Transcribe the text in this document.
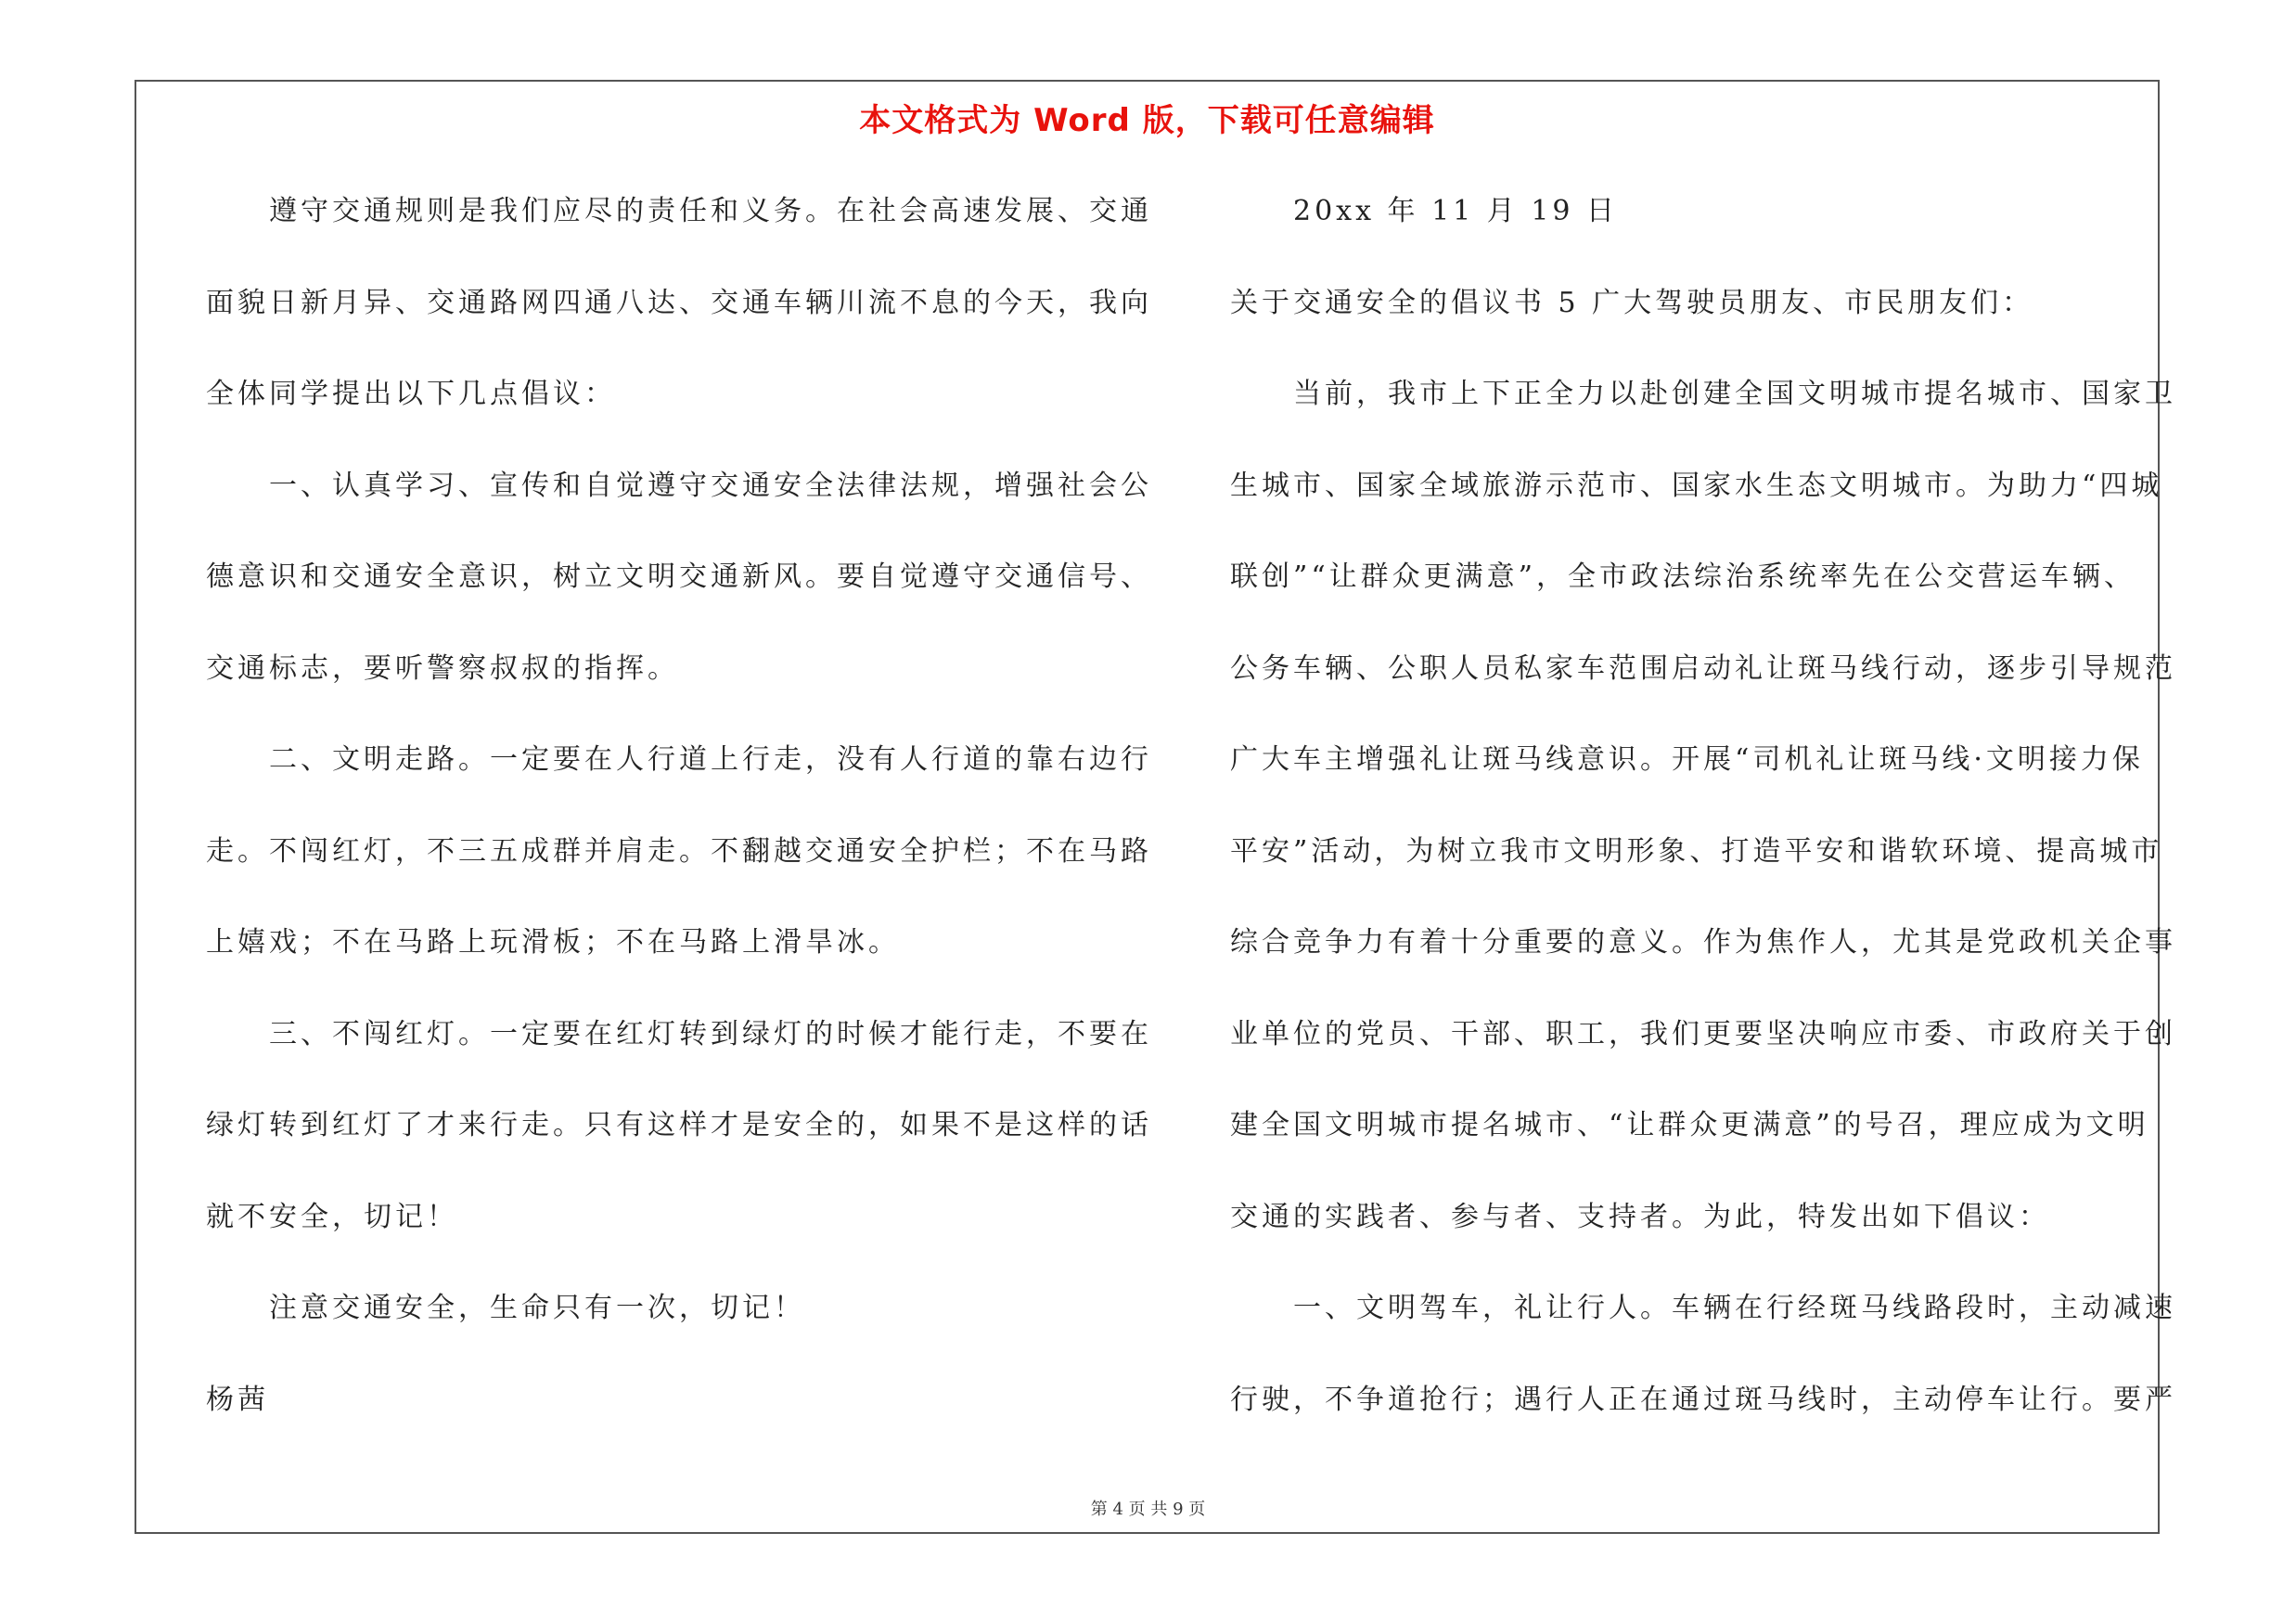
本文格式为 Word 版，下载可任意编辑
遵守交通规则是我们应尽的责任和义务。在社会高速发展、交通
面貌日新月异、交通路网四通八达、交通车辆川流不息的今天，我向
全体同学提出以下几点倡议：
一、认真学习、宣传和自觉遵守交通安全法律法规，增强社会公
德意识和交通安全意识，树立文明交通新风。要自觉遵守交通信号、
交通标志，要听警察叔叔的指挥。
二、文明走路。一定要在人行道上行走，没有人行道的靠右边行
走。不闯红灯，不三五成群并肩走。不翻越交通安全护栏；不在马路
上嬉戏；不在马路上玩滑板；不在马路上滑旱冰。
三、不闯红灯。一定要在红灯转到绿灯的时候才能行走，不要在
绿灯转到红灯了才来行走。只有这样才是安全的，如果不是这样的话
就不安全，切记！
注意交通安全，生命只有一次，切记！
杨茜
20xx 年 11 月 19 日
关于交通安全的倡议书 5 广大驾驶员朋友、市民朋友们：
当前，我市上下正全力以赴创建全国文明城市提名城市、国家卫
生城市、国家全域旅游示范市、国家水生态文明城市。为助力“四城
联创”“让群众更满意”，全市政法综治系统率先在公交营运车辆、
公务车辆、公职人员私家车范围启动礼让斑马线行动，逐步引导规范
广大车主增强礼让斑马线意识。开展“司机礼让斑马线·文明接力保
平安”活动，为树立我市文明形象、打造平安和谐软环境、提高城市
综合竞争力有着十分重要的意义。作为焦作人，尤其是党政机关企事
业单位的党员、干部、职工，我们更要坚决响应市委、市政府关于创
建全国文明城市提名城市、“让群众更满意”的号召，理应成为文明
交通的实践者、参与者、支持者。为此，特发出如下倡议：
一、文明驾车，礼让行人。车辆在行经斑马线路段时，主动减速
行驶，不争道抢行；遇行人正在通过斑马线时，主动停车让行。要严
第 4 页 共 9 页
